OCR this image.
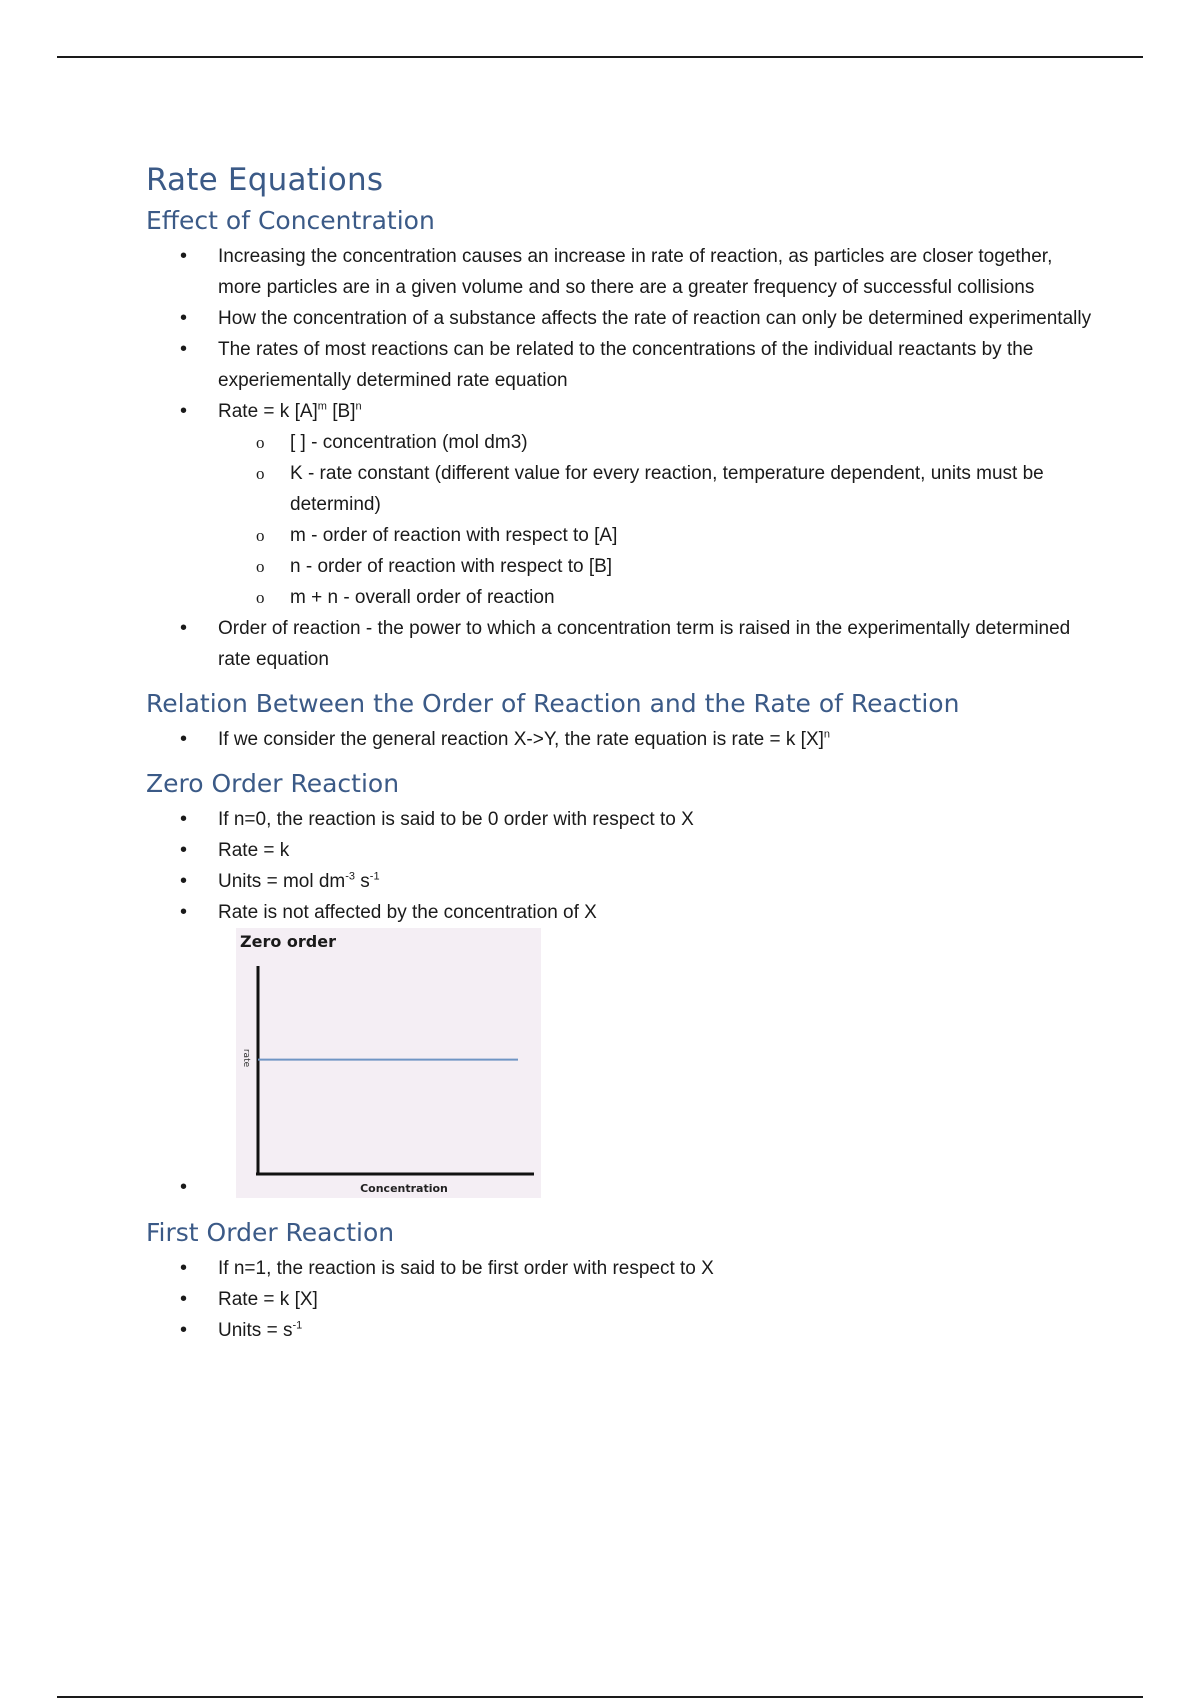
Rate Equations
Effect of Concentration
• Increasing the concentration causes an increase in rate of reaction, as particles are closer together, more particles are in a given volume and so there are a greater frequency of successful collisions
• How the concentration of a substance affects the rate of reaction can only be determined experimentally
• The rates of most reactions can be related to the concentrations of the individual reactants by the experiementally determined rate equation
• Rate = k $[A]^m$ $[B]^n$
o [ ] - concentration (mol dm3)
o K - rate constant (different value for every reaction, temperature dependent, units must be determind)
o m - order of reaction with respect to [A]
o n - order of reaction with respect to [B]
o m + n - overall order of reaction
• Order of reaction - the power to which a concentration term is raised in the experimentally determined rate equation
Relation Between the Order of Reaction and the Rate of Reaction
• If we consider the general reaction X->Y, the rate equation is rate = k $[X]^n$
Zero Order Reaction
• If n=0, the reaction is said to be 0 order with respect to X
• Rate = k
• Units = mol $dm^{-3}$ $s^{-1}$
• Rate is not affected by the concentration of X
• Zero order
rate
Concentration
First Order Reaction
• If n=1, the reaction is said to be first order with respect to X
• Rate = k [X]
• Units = $s^{-1}$
